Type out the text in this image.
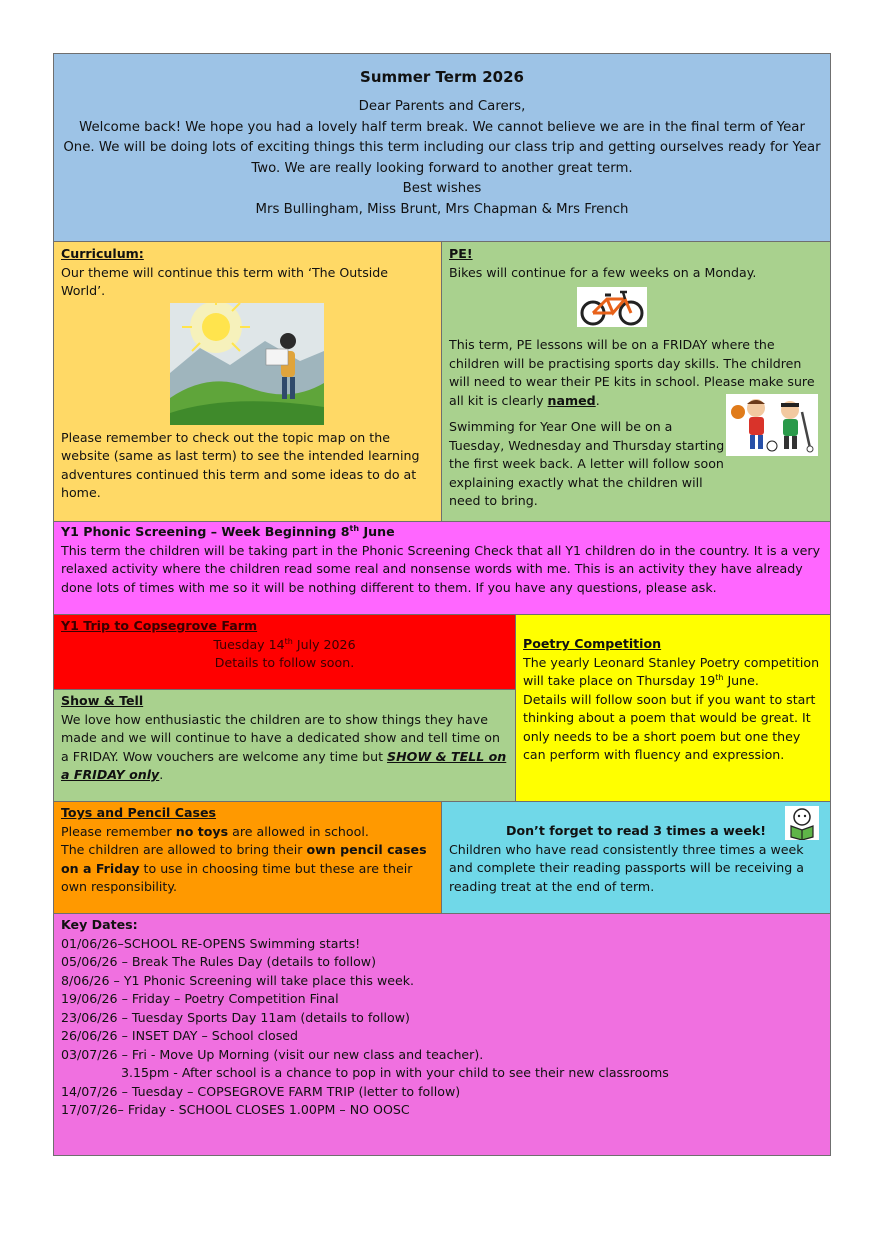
Summer Term 2026

Dear Parents and Carers,

Welcome back! We hope you had a lovely half term break. We cannot believe we are in the final term of Year One. We will be doing lots of exciting things this term including our class trip and getting ourselves ready for Year Two. We are really looking forward to another great term.

Best wishes

Mrs Bullingham, Miss Brunt, Mrs Chapman & Mrs French

Curriculum:

Our theme will continue this term with ‘The Outside World’.

Please remember to check out the topic map on the website (same as last term) to see the intended learning adventures continued this term and some ideas to do at home.

PE!

Bikes will continue for a few weeks on a Monday.

This term, PE lessons will be on a FRIDAY where the children will be practising sports day skills. The children will need to wear their PE kits in school. Please make sure all kit is clearly named.

Swimming for Year One will be on a Tuesday, Wednesday and Thursday starting the first week back. A letter will follow soon explaining exactly what the children will need to bring.

Y1 Phonic Screening – Week Beginning 8th June

This term the children will be taking part in the Phonic Screening Check that all Y1 children do in the country. It is a very relaxed activity where the children read some real and nonsense words with me. This is an activity they have already done lots of times with me so it will be nothing different to them. If you have any questions, please ask.

Y1 Trip to Copsegrove Farm
Tuesday 14th July 2026
Details to follow soon.
Show & Tell

We love how enthusiastic the children are to show things they have made and we will continue to have a dedicated show and tell time on a FRIDAY. Wow vouchers are welcome any time but SHOW & TELL on a FRIDAY only.

Poetry Competition

The yearly Leonard Stanley Poetry competition will take place on Thursday 19th June.

Details will follow soon but if you want to start thinking about a poem that would be great. It only needs to be a short poem but one they can perform with fluency and expression.

Toys and Pencil Cases

Please remember no toys are allowed in school.

The children are allowed to bring their own pencil cases on a Friday to use in choosing time but these are their own responsibility.

Don’t forget to read 3 times a week!

Children who have read consistently three times a week and complete their reading passports will be receiving a reading treat at the end of term.

Key Dates:
01/06/26–SCHOOL RE-OPENS Swimming starts!
05/06/26 – Break The Rules Day (details to follow)
8/06/26 – Y1 Phonic Screening will take place this week.
19/06/26 – Friday – Poetry Competition Final
23/06/26 – Tuesday Sports Day 11am (details to follow)
26/06/26 – INSET DAY – School closed
03/07/26 – Fri - Move Up Morning (visit our new class and teacher).
3.15pm - After school is a chance to pop in with your child to see their new classrooms
14/07/26 – Tuesday – COPSEGROVE FARM TRIP (letter to follow)
17/07/26– Friday - SCHOOL CLOSES 1.00PM – NO OOSC
